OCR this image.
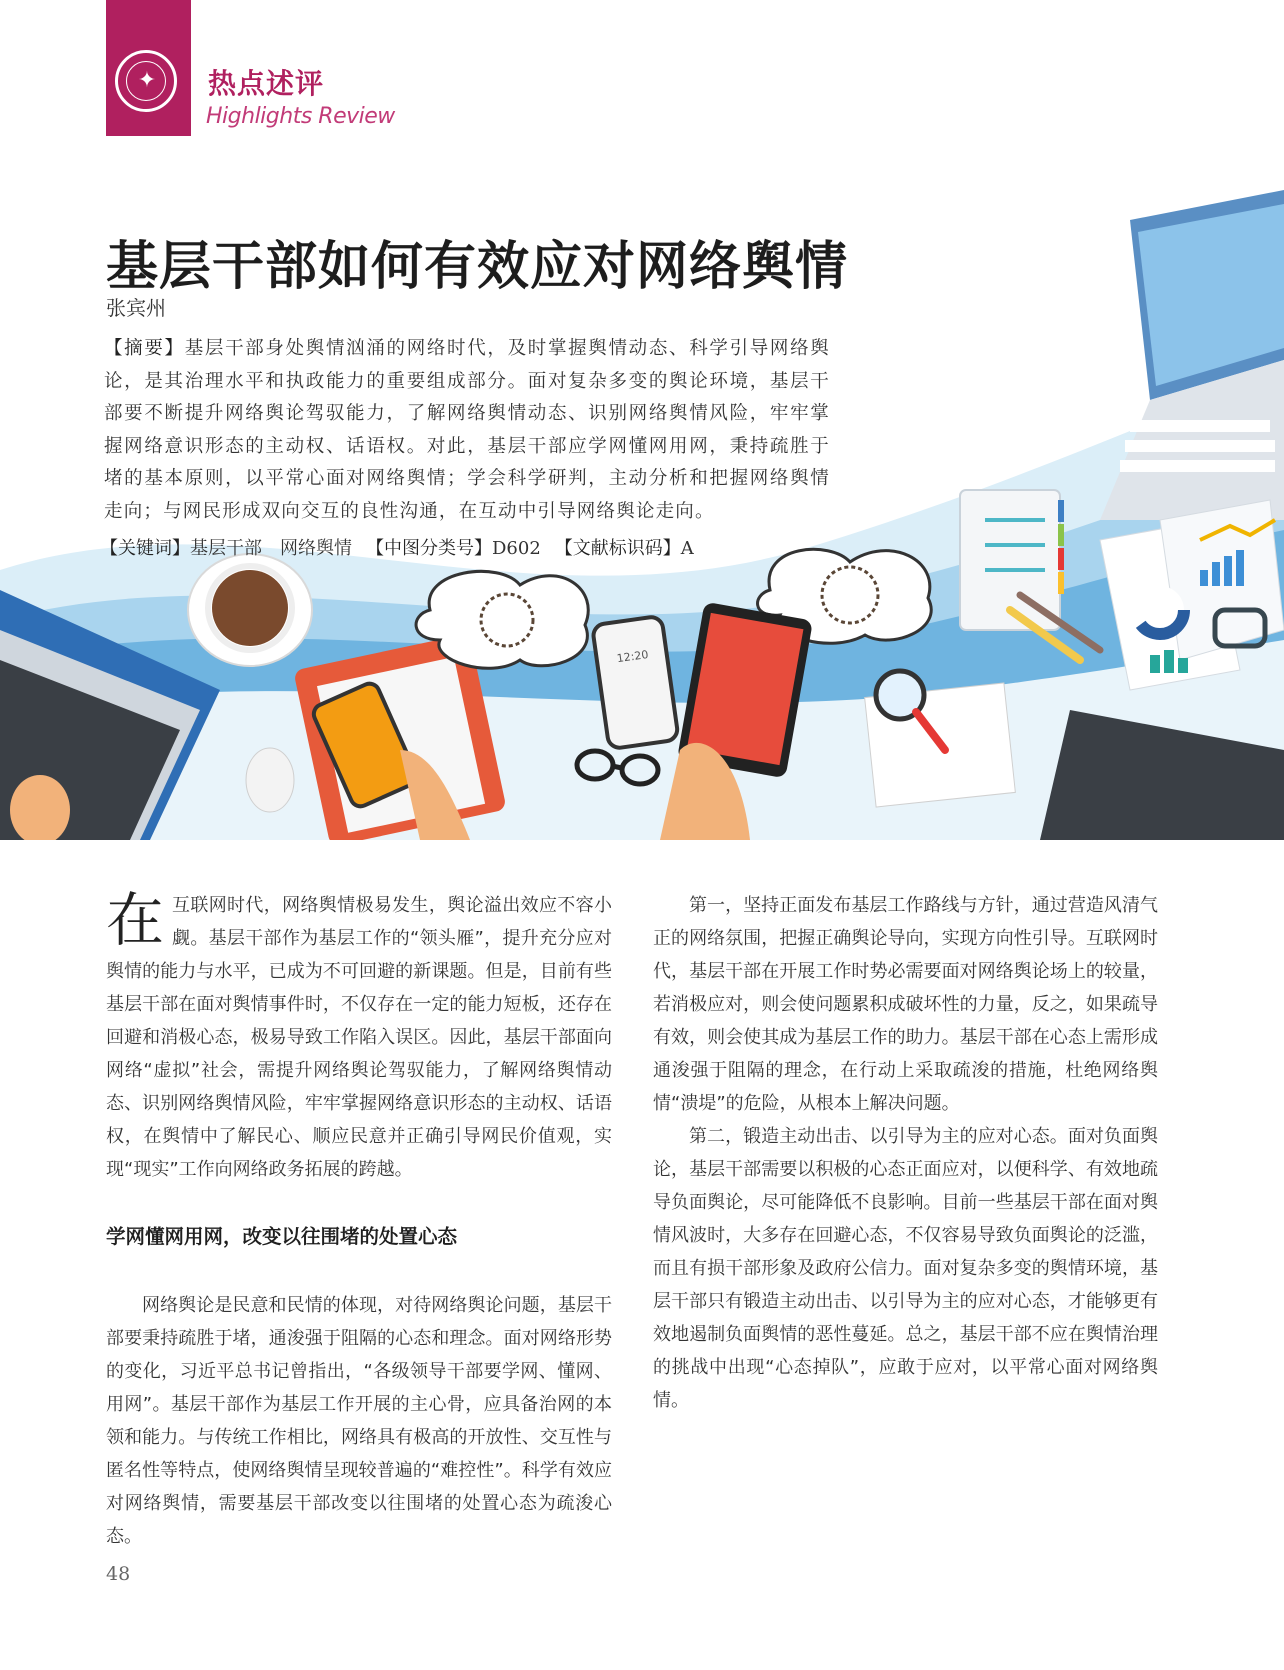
✦	热点述评
Highlights Review
12:20
基层干部如何有效应对网络舆情
张宾州
【摘要】基层干部身处舆情汹涌的网络时代，及时掌握舆情动态、科学引导网络舆论，是其治理水平和执政能力的重要组成部分。面对复杂多变的舆论环境，基层干部要不断提升网络舆论驾驭能力，了解网络舆情动态、识别网络舆情风险，牢牢掌握网络意识形态的主动权、话语权。对此，基层干部应学网懂网用网，秉持疏胜于堵的基本原则，以平常心面对网络舆情；学会科学研判，主动分析和把握网络舆情走向；与网民形成双向交互的良性沟通，在互动中引导网络舆论走向。
【关键词】基层干部　网络舆情 【中图分类号】D602 【文献标识码】A

在互联网时代，网络舆情极易发生，舆论溢出效应不容小觑。基层干部作为基层工作的“领头雁”，提升充分应对舆情的能力与水平，已成为不可回避的新课题。但是，目前有些基层干部在面对舆情事件时，不仅存在一定的能力短板，还存在回避和消极心态，极易导致工作陷入误区。因此，基层干部面向网络“虚拟”社会，需提升网络舆论驾驭能力，了解网络舆情动态、识别网络舆情风险，牢牢掌握网络意识形态的主动权、话语权，在舆情中了解民心、顺应民意并正确引导网民价值观，实现“现实”工作向网络政务拓展的跨越。

学网懂网用网，改变以往围堵的处置心态

网络舆论是民意和民情的体现，对待网络舆论问题，基层干部要秉持疏胜于堵，通浚强于阻隔的心态和理念。面对网络形势的变化，习近平总书记曾指出，“各级领导干部要学网、懂网、用网”。基层干部作为基层工作开展的主心骨，应具备治网的本领和能力。与传统工作相比，网络具有极高的开放性、交互性与匿名性等特点，使网络舆情呈现较普遍的“难控性”。科学有效应对网络舆情，需要基层干部改变以往围堵的处置心态为疏浚心态。

第一，坚持正面发布基层工作路线与方针，通过营造风清气正的网络氛围，把握正确舆论导向，实现方向性引导。互联网时代，基层干部在开展工作时势必需要面对网络舆论场上的较量，若消极应对，则会使问题累积成破坏性的力量，反之，如果疏导有效，则会使其成为基层工作的助力。基层干部在心态上需形成通浚强于阻隔的理念，在行动上采取疏浚的措施，杜绝网络舆情“溃堤”的危险，从根本上解决问题。

第二，锻造主动出击、以引导为主的应对心态。面对负面舆论，基层干部需要以积极的心态正面应对，以便科学、有效地疏导负面舆论，尽可能降低不良影响。目前一些基层干部在面对舆情风波时，大多存在回避心态，不仅容易导致负面舆论的泛滥，而且有损干部形象及政府公信力。面对复杂多变的舆情环境，基层干部只有锻造主动出击、以引导为主的应对心态，才能够更有效地遏制负面舆情的恶性蔓延。总之，基层干部不应在舆情治理的挑战中出现“心态掉队”，应敢于应对，以平常心面对网络舆情。

48
